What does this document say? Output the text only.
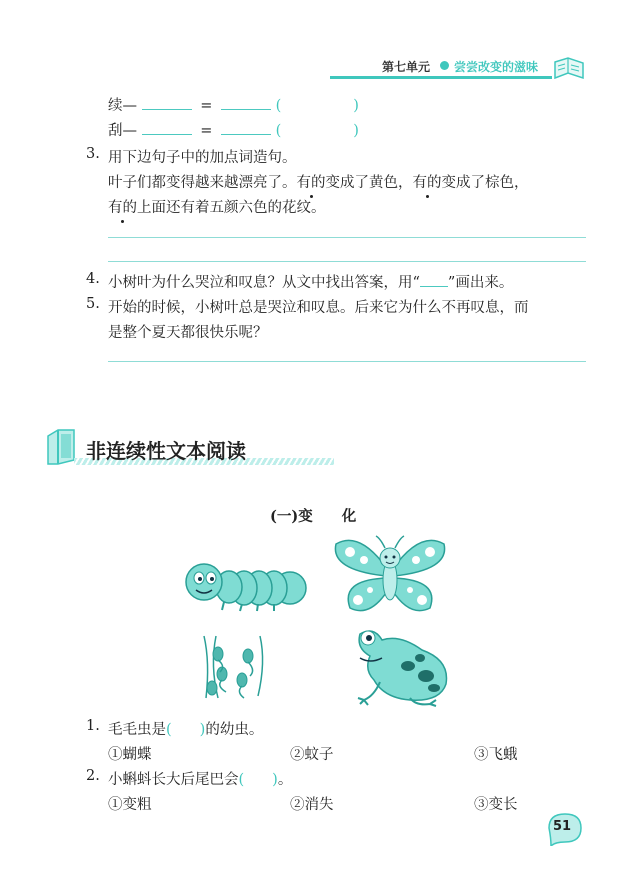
第七单元 尝尝改变的滋味
续—	=	(	)
刮—	=	(	)
3. 用下边句子中的加点词造句。
叶子们都变得越来越漂亮了。有的变成了黄色，有的变成了棕色，
有的上面还有着五颜六色的花纹。
4. 小树叶为什么哭泣和叹息？从文中找出答案，用“ ”画出来。
5. 开始的时候，小树叶总是哭泣和叹息。后来它为什么不再叹息，而
是整个夏天都很快乐呢？
非连续性文本阅读
(一)变　　化
1. 毛毛虫是( )的幼虫。
①蝴蝶	②蚊子	③飞蛾
2. 小蝌蚪长大后尾巴会( )。
①变粗	②消失	③变长
51
